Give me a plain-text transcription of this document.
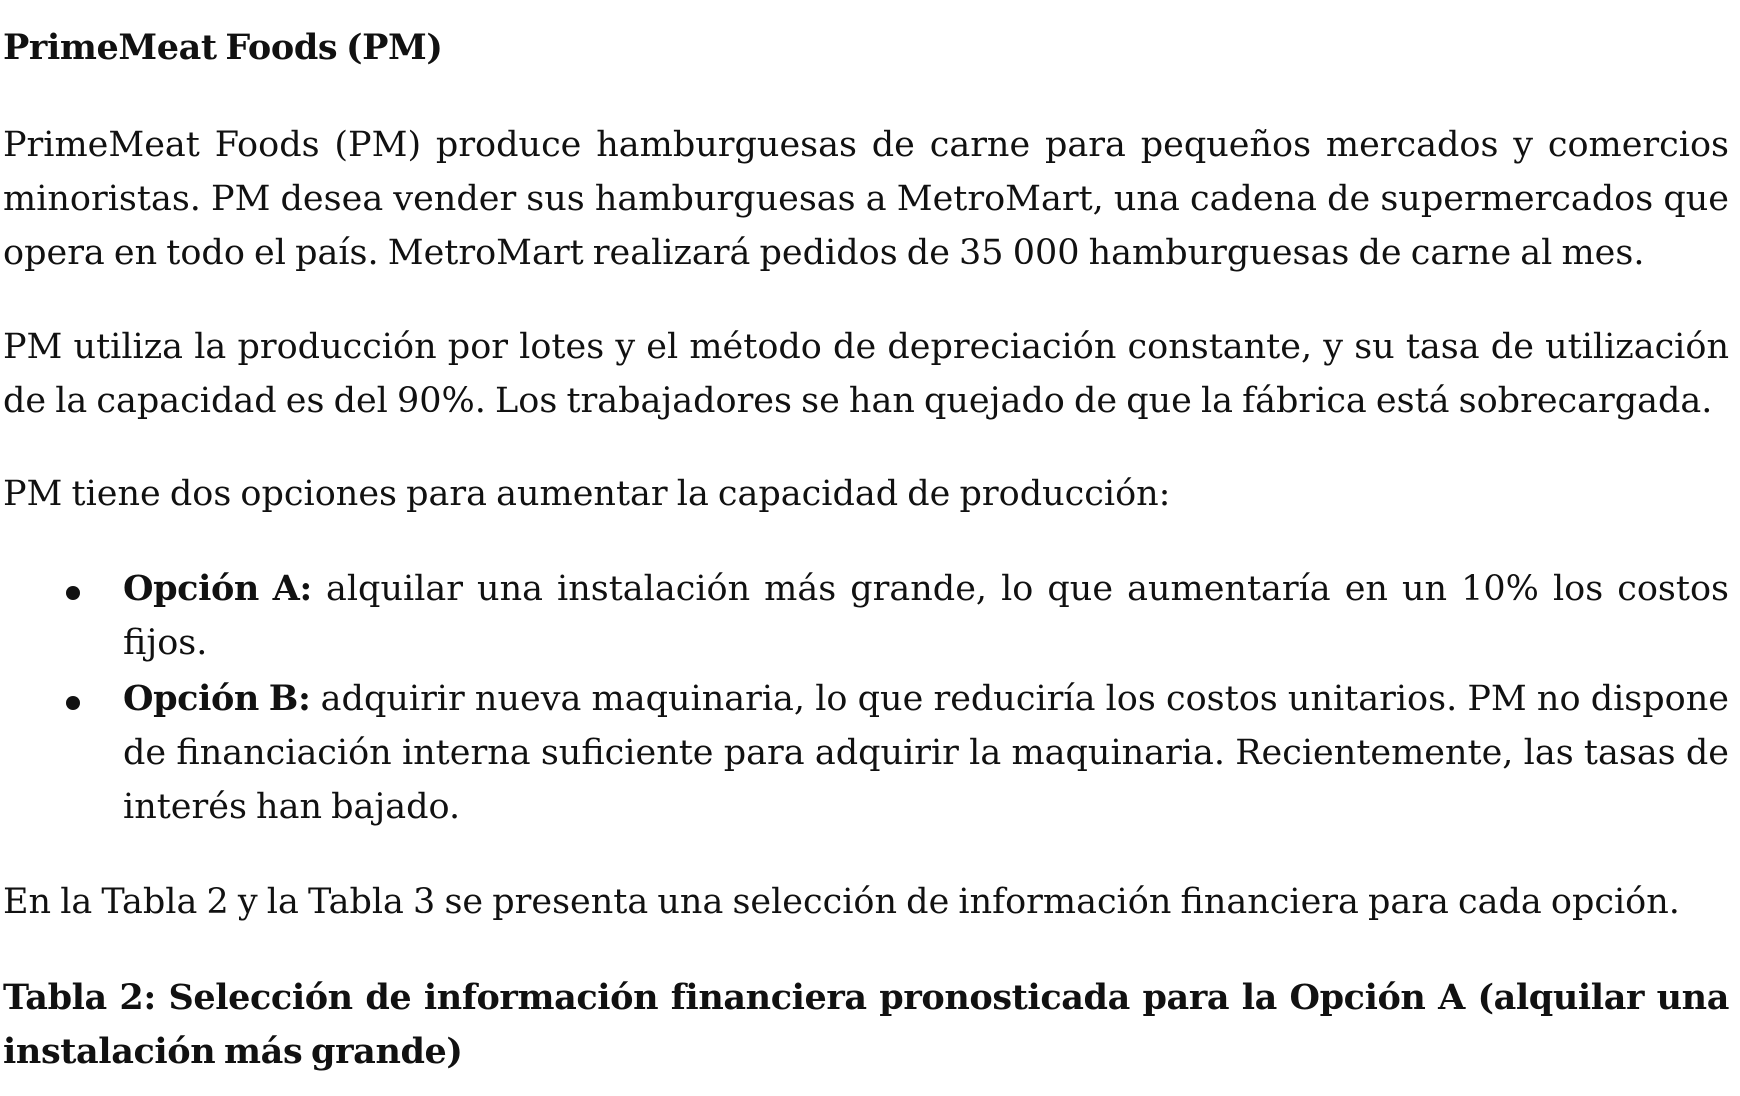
PrimeMeat Foods (PM)

PrimeMeat Foods (PM) produce hamburguesas de carne para pequeños mercados y comercios minoristas. PM desea vender sus hamburguesas a MetroMart, una cadena de supermercados que opera en todo el país. MetroMart realizará pedidos de 35 000 hamburguesas de carne al mes.

PM utiliza la producción por lotes y el método de depreciación constante, y su tasa de utilización de la capacidad es del 90%. Los trabajadores se han quejado de que la fábrica está sobrecargada.

PM tiene dos opciones para aumentar la capacidad de producción:

Opción A: alquilar una instalación más grande, lo que aumentaría en un 10% los costos fijos.

Opción B: adquirir nueva maquinaria, lo que reduciría los costos unitarios. PM no dispone de financiación interna suficiente para adquirir la maquinaria. Recientemente, las tasas de interés han bajado.

En la Tabla 2 y la Tabla 3 se presenta una selección de información financiera para cada opción.

Tabla 2: Selección de información financiera pronosticada para la Opción A (alquilar una instalación más grande)
